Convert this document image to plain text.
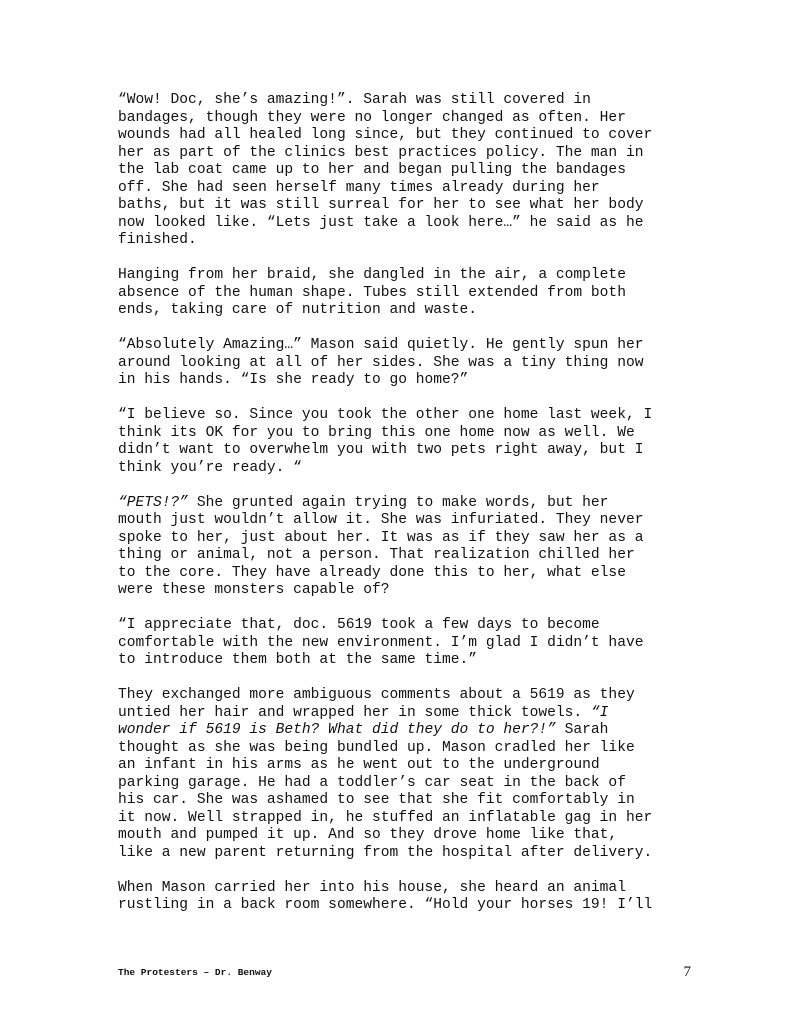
“Wow! Doc, she’s amazing!”. Sarah was still covered in
bandages, though they were no longer changed as often. Her
wounds had all healed long since, but they continued to cover
her as part of the clinics best practices policy. The man in
the lab coat came up to her and began pulling the bandages
off. She had seen herself many times already during her
baths, but it was still surreal for her to see what her body
now looked like. “Lets just take a look here…” he said as he
finished.

Hanging from her braid, she dangled in the air, a complete
absence of the human shape. Tubes still extended from both
ends, taking care of nutrition and waste.

“Absolutely Amazing…” Mason said quietly. He gently spun her
around looking at all of her sides. She was a tiny thing now
in his hands. “Is she ready to go home?”

“I believe so. Since you took the other one home last week, I
think its OK for you to bring this one home now as well. We
didn’t want to overwhelm you with two pets right away, but I
think you’re ready. “

“PETS!?” She grunted again trying to make words, but her
mouth just wouldn’t allow it. She was infuriated. They never
spoke to her, just about her. It was as if they saw her as a
thing or animal, not a person. That realization chilled her
to the core. They have already done this to her, what else
were these monsters capable of?

“I appreciate that, doc. 5619 took a few days to become
comfortable with the new environment. I’m glad I didn’t have
to introduce them both at the same time.”

They exchanged more ambiguous comments about a 5619 as they
untied her hair and wrapped her in some thick towels. “I
wonder if 5619 is Beth? What did they do to her?!” Sarah
thought as she was being bundled up. Mason cradled her like
an infant in his arms as he went out to the underground
parking garage. He had a toddler’s car seat in the back of
his car. She was ashamed to see that she fit comfortably in
it now. Well strapped in, he stuffed an inflatable gag in her
mouth and pumped it up. And so they drove home like that,
like a new parent returning from the hospital after delivery.

When Mason carried her into his house, she heard an animal
rustling in a back room somewhere. “Hold your horses 19! I’ll

The Protesters – Dr. Benway	7
